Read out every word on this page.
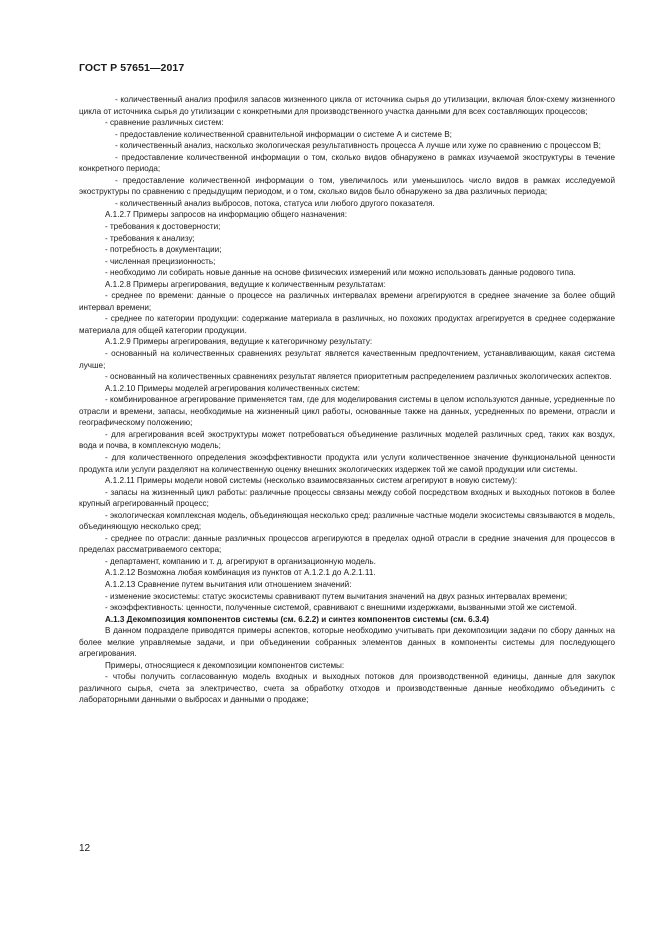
ГОСТ Р 57651—2017

- количественный анализ профиля запасов жизненного цикла от источника сырья до утилизации, включая блок-схему жизненного цикла от источника сырья до утилизации с конкретными для производственного участка данными для всех составляющих процессов;

- сравнение различных систем:

- предоставление количественной сравнительной информации о системе А и системе В;

- количественный анализ, насколько экологическая результативность процесса А лучше или хуже по сравнению с процессом В;

- предоставление количественной информации о том, сколько видов обнаружено в рамках изучаемой экоструктуры в течение конкретного периода;

- предоставление количественной информации о том, увеличилось или уменьшилось число видов в рамках исследуемой экоструктуры по сравнению с предыдущим периодом, и о том, сколько видов было обнаружено за два различных периода;

- количественный анализ выбросов, потока, статуса или любого другого показателя.

А.1.2.7 Примеры запросов на информацию общего назначения:

- требования к достоверности;

- требования к анализу;

- потребность в документации;

- численная прецизионность;

- необходимо ли собирать новые данные на основе физических измерений или можно использовать данные родового типа.

А.1.2.8 Примеры агрегирования, ведущие к количественным результатам:

- среднее по времени: данные о процессе на различных интервалах времени агрегируются в среднее значение за более общий интервал времени;

- среднее по категории продукции: содержание материала в различных, но похожих продуктах агрегируется в среднее содержание материала для общей категории продукции.

А.1.2.9 Примеры агрегирования, ведущие к категоричному результату:

- основанный на количественных сравнениях результат является качественным предпочтением, устанавливающим, какая система лучше;

- основанный на количественных сравнениях результат является приоритетным распределением различных экологических аспектов.

А.1.2.10 Примеры моделей агрегирования количественных систем:

- комбинированное агрегирование применяется там, где для моделирования системы в целом используются данные, усредненные по отрасли и времени, запасы, необходимые на жизненный цикл работы, основанные также на данных, усредненных по времени, отрасли и географическому положению;

- для агрегирования всей экоструктуры может потребоваться объединение различных моделей различных сред, таких как воздух, вода и почва, в комплексную модель;

- для количественного определения экоэффективности продукта или услуги количественное значение функциональной ценности продукта или услуги разделяют на количественную оценку внешних экологических издержек той же самой продукции или системы.

А.1.2.11 Примеры модели новой системы (несколько взаимосвязанных систем агрегируют в новую систему):

- запасы на жизненный цикл работы: различные процессы связаны между собой посредством входных и выходных потоков в более крупный агрегированный процесс;

- экологическая комплексная модель, объединяющая несколько сред: различные частные модели экосистемы связываются в модель, объединяющую несколько сред;

- среднее по отрасли: данные различных процессов агрегируются в пределах одной отрасли в средние значения для процессов в пределах рассматриваемого сектора;

- департамент, компанию и т. д. агрегируют в организационную модель.

А.1.2.12 Возможна любая комбинация из пунктов от А.1.2.1 до А.2.1.11.

А.1.2.13 Сравнение путем вычитания или отношением значений:

- изменение экосистемы: статус экосистемы сравнивают путем вычитания значений на двух разных интервалах времени;

- экоэффективность: ценности, полученные системой, сравнивают с внешними издержками, вызванными этой же системой.

А.1.3 Декомпозиция компонентов системы (см. 6.2.2) и синтез компонентов системы (см. 6.3.4)

В данном подразделе приводятся примеры аспектов, которые необходимо учитывать при декомпозиции задачи по сбору данных на более мелкие управляемые задачи, и при объединении собранных элементов данных в компоненты системы для последующего агрегирования.

Примеры, относящиеся к декомпозиции компонентов системы:

- чтобы получить согласованную модель входных и выходных потоков для производственной единицы, данные для закупок различного сырья, счета за электричество, счета за обработку отходов и производственные данные необходимо объединить с лабораторными данными о выбросах и данными о продаже;

12
